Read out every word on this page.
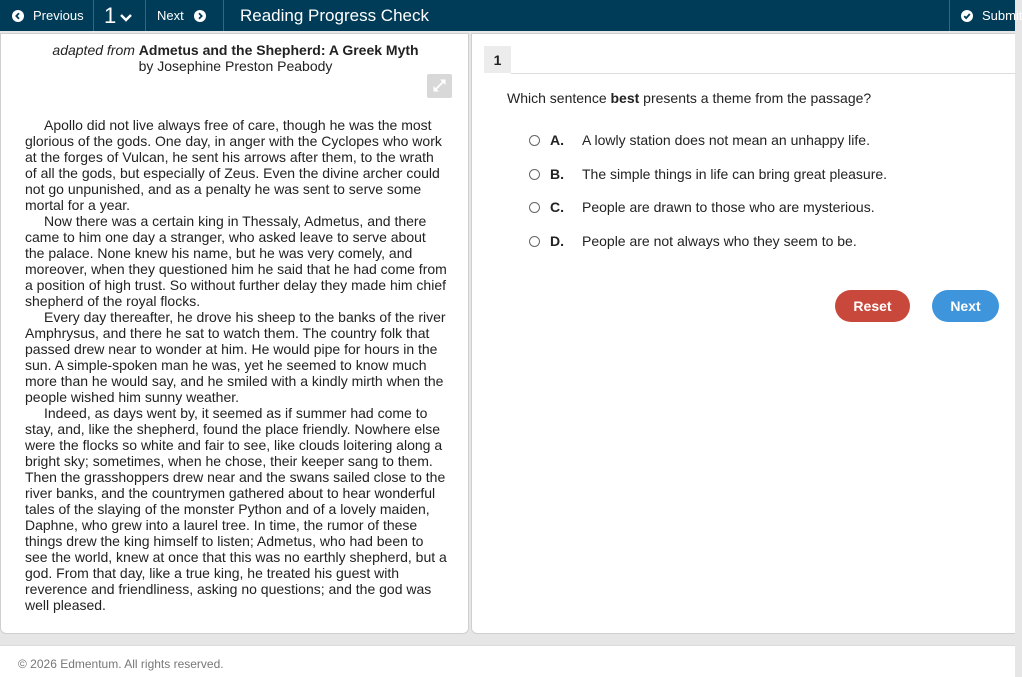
Previous 1	Next	Reading Progress Check	Submit
adapted from Admetus and the Shepherd: A Greek Myth
by Josephine Preston Peabody

Apollo did not live always free of care, though he was the most glorious of the gods. One day, in anger with the Cyclopes who work at the forges of Vulcan, he sent his arrows after them, to the wrath of all the gods, but especially of Zeus. Even the divine archer could not go unpunished, and as a penalty he was sent to serve some mortal for a year.

Now there was a certain king in Thessaly, Admetus, and there came to him one day a stranger, who asked leave to serve about the palace. None knew his name, but he was very comely, and moreover, when they questioned him he said that he had come from a position of high trust. So without further delay they made him chief shepherd of the royal flocks.

Every day thereafter, he drove his sheep to the banks of the river Amphrysus, and there he sat to watch them. The country folk that passed drew near to wonder at him. He would pipe for hours in the sun. A simple-spoken man he was, yet he seemed to know much more than he would say, and he smiled with a kindly mirth when the people wished him sunny weather.

Indeed, as days went by, it seemed as if summer had come to stay, and, like the shepherd, found the place friendly. Nowhere else were the flocks so white and fair to see, like clouds loitering along a bright sky; sometimes, when he chose, their keeper sang to them. Then the grasshoppers drew near and the swans sailed close to the river banks, and the countrymen gathered about to hear wonderful tales of the slaying of the monster Python and of a lovely maiden, Daphne, who grew into a laurel tree. In time, the rumor of these things drew the king himself to listen; Admetus, who had been to see the world, knew at once that this was no earthly shepherd, but a god. From that day, like a true king, he treated his guest with reverence and friendliness, asking no questions; and the god was well pleased.

1
Which sentence best presents a theme from the passage?
A. A lowly station does not mean an unhappy life.
B. The simple things in life can bring great pleasure.
C. People are drawn to those who are mysterious.
D. People are not always who they seem to be.
Reset	Next
© 2026 Edmentum. All rights reserved.
